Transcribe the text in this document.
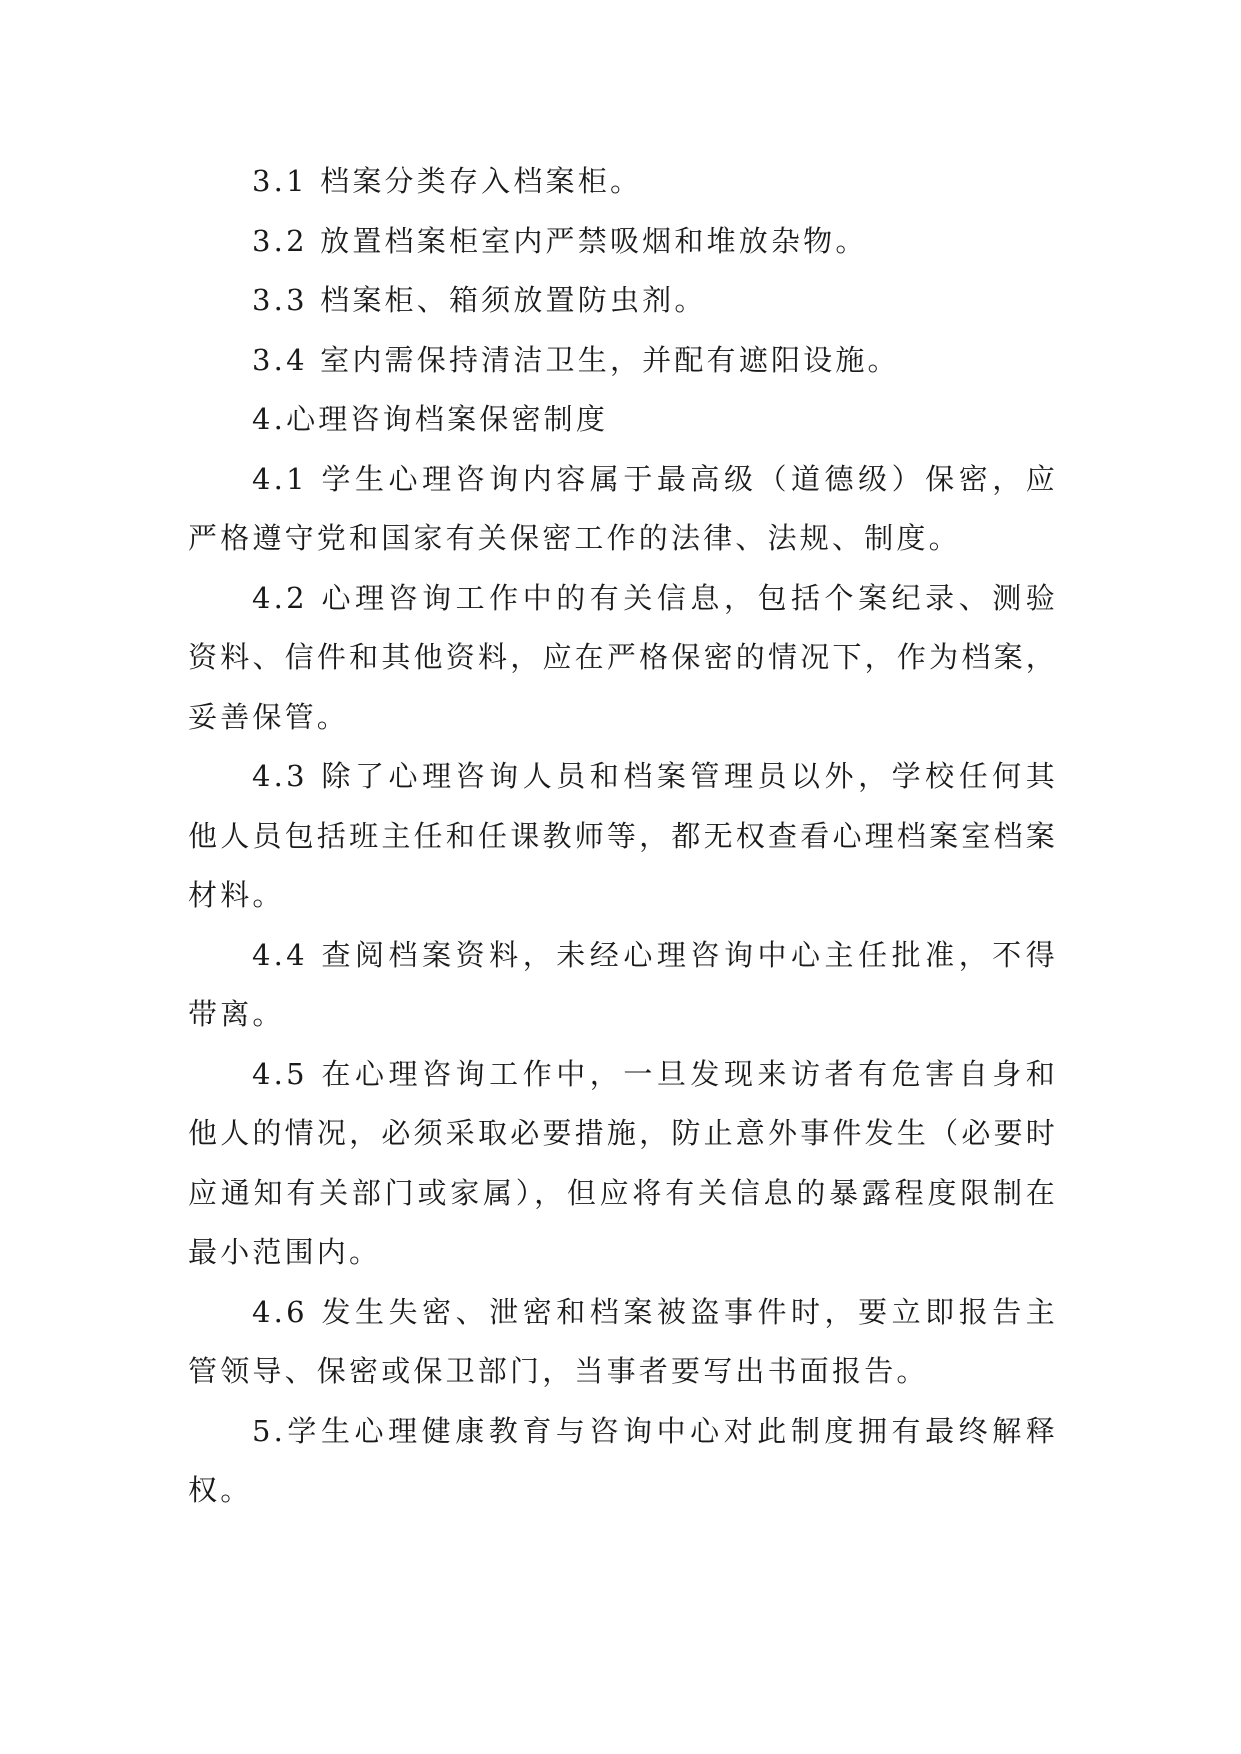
3.1 档案分类存入档案柜。

3.2 放置档案柜室内严禁吸烟和堆放杂物。

3.3 档案柜、箱须放置防虫剂。

3.4 室内需保持清洁卫生，并配有遮阳设施。

4.心理咨询档案保密制度

4.1 学生心理咨询内容属于最高级（道德级）保密，应严格遵守党和国家有关保密工作的法律、法规、制度。

4.2 心理咨询工作中的有关信息，包括个案纪录、测验资料、信件和其他资料，应在严格保密的情况下，作为档案，妥善保管。

4.3 除了心理咨询人员和档案管理员以外，学校任何其他人员包括班主任和任课教师等，都无权查看心理档案室档案材料。

4.4 查阅档案资料，未经心理咨询中心主任批准，不得带离。

4.5 在心理咨询工作中，一旦发现来访者有危害自身和他人的情况，必须采取必要措施，防止意外事件发生（必要时应通知有关部门或家属），但应将有关信息的暴露程度限制在最小范围内。

4.6 发生失密、泄密和档案被盗事件时，要立即报告主管领导、保密或保卫部门，当事者要写出书面报告。

5.学生心理健康教育与咨询中心对此制度拥有最终解释权。
